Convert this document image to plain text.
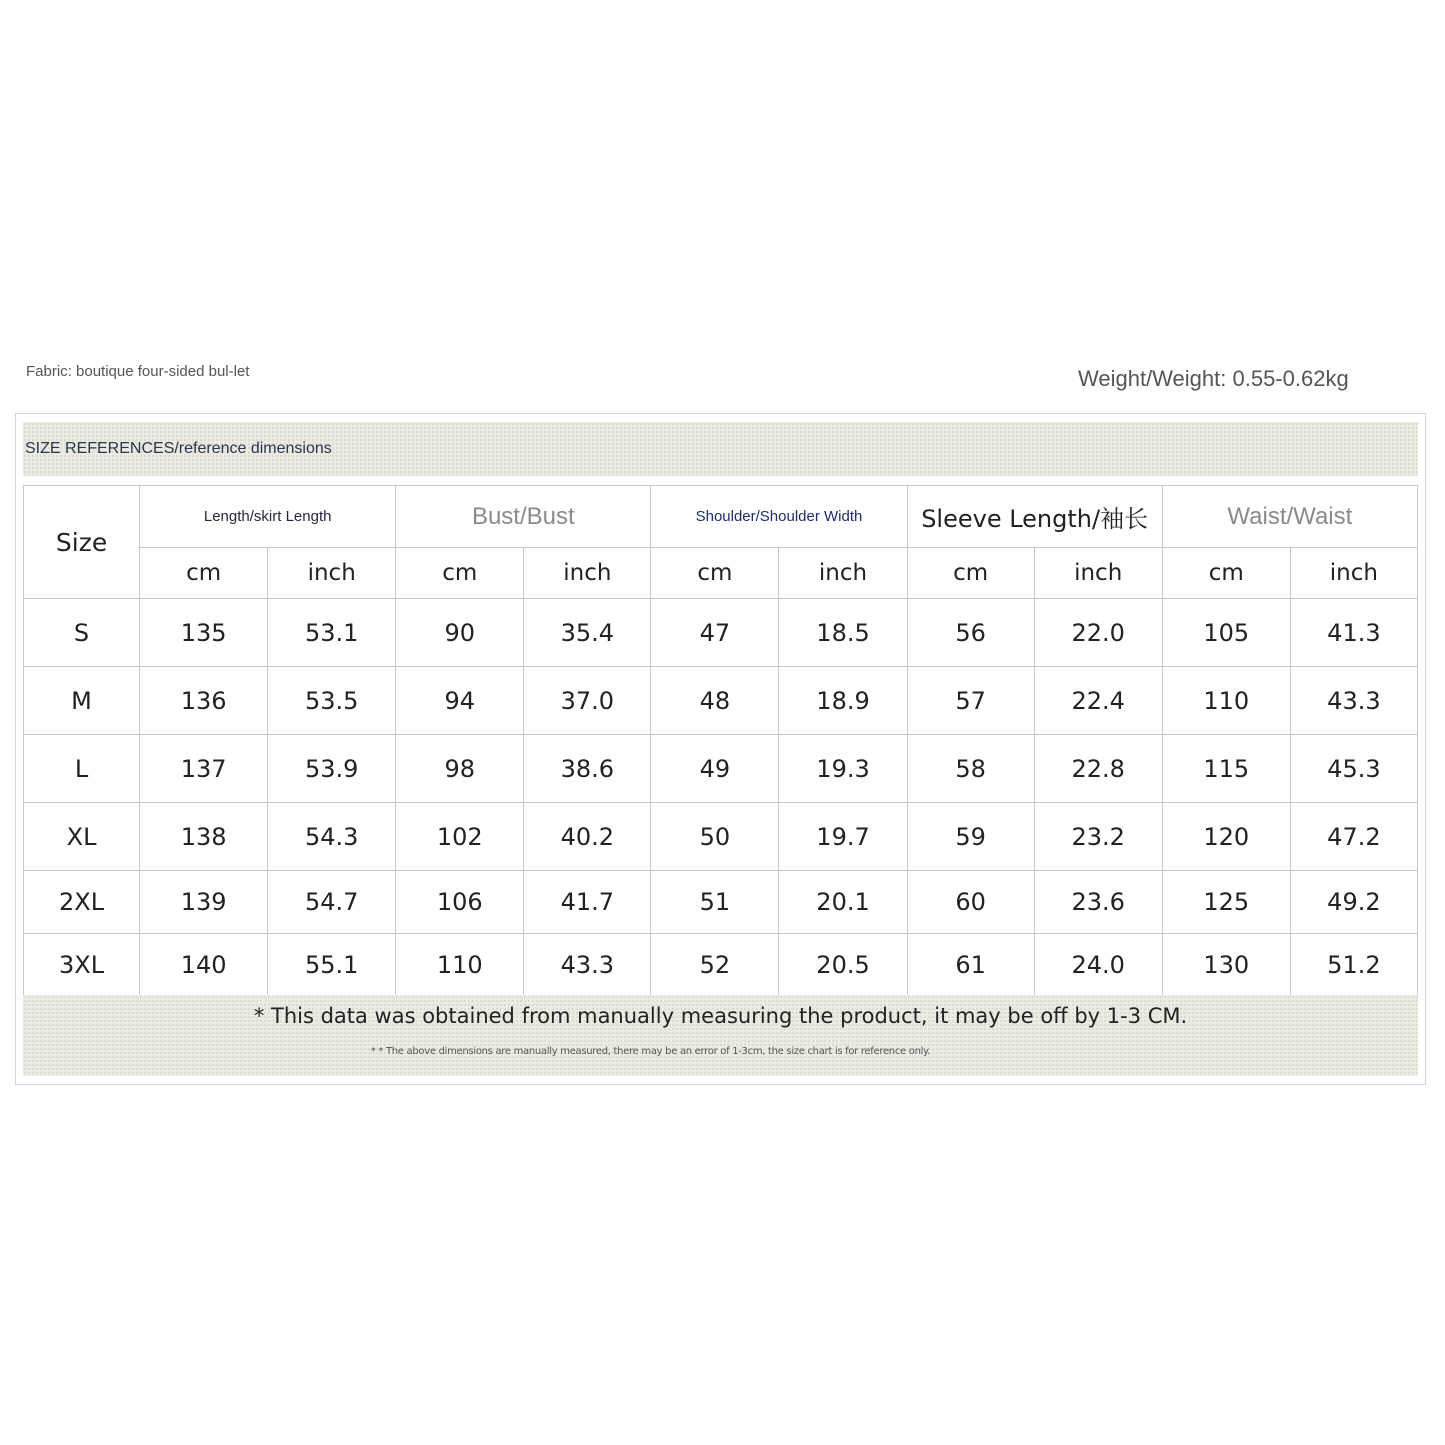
Fabric: boutique four-sided bul-let	Weight/Weight: 0.55-0.62kg
SIZE REFERENCES/reference dimensions
Size	Length/skirt Length		Bust/Bust		Shoulder/Shoulder Width		Sleeve Length/袖长		Waist/Waist	
	cm	inch	cm	inch	cm	inch	cm	inch	cm	inch
S	135	53.1	90	35.4	47	18.5	56	22.0	105	41.3
M	136	53.5	94	37.0	48	18.9	57	22.4	110	43.3
L	137	53.9	98	38.6	49	19.3	58	22.8	115	45.3
XL	138	54.3	102	40.2	50	19.7	59	23.2	120	47.2
2XL	139	54.7	106	41.7	51	20.1	60	23.6	125	49.2
3XL	140	55.1	110	43.3	52	20.5	61	24.0	130	51.2
* This data was obtained from manually measuring the product, it may be off by 1-3 CM.
* * The above dimensions are manually measured, there may be an error of 1-3cm, the size chart is for reference only.
